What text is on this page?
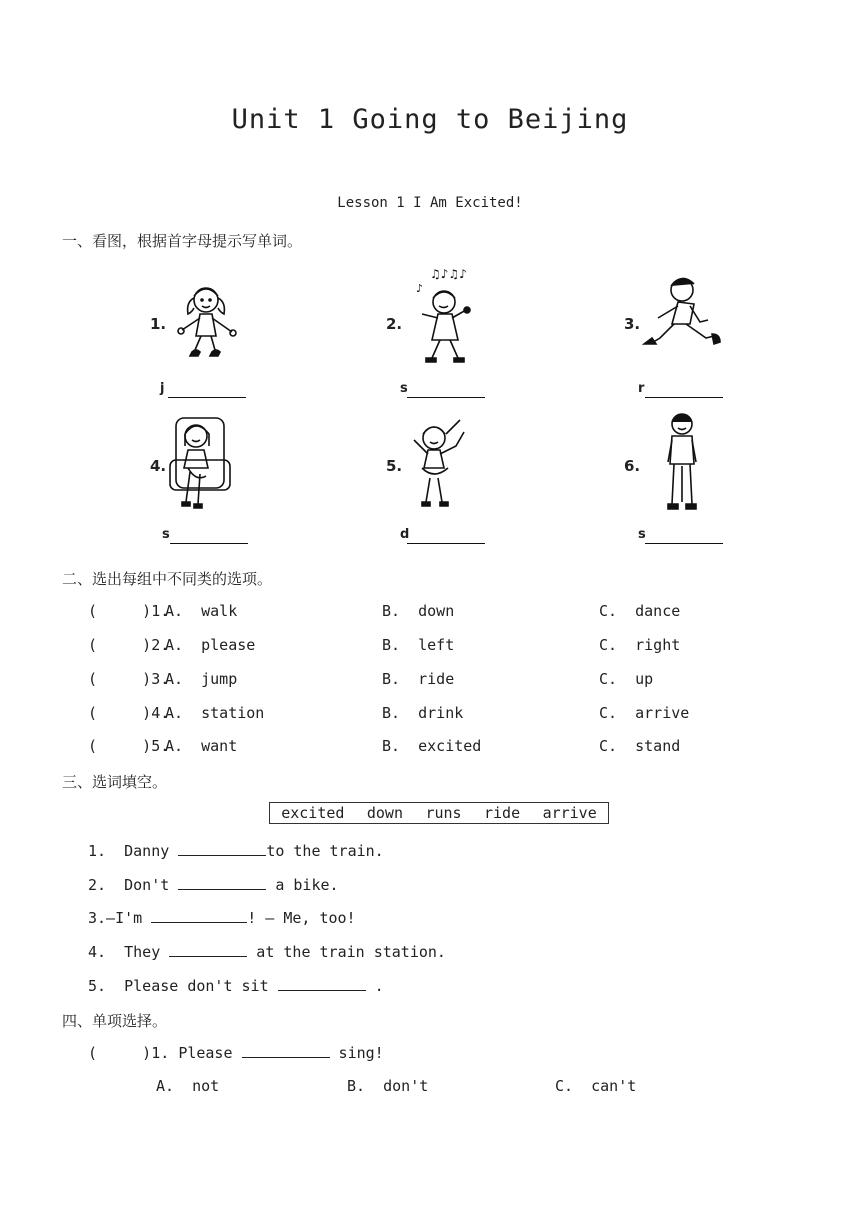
Unit 1 Going to Beijing
Lesson 1 I Am Excited!
一、看图，根据首字母提示写单词。
1.
j
2.
♫♪♫♪
♪
s
3.
r
4.
s
5.
d
6.
s
二、选出每组中不同类的选项。
(     )1.
A.  walk	B.  down	C.  dance
(     )2.
A.  please	B.  left	C.  right
(     )3.
A.  jump	B.  ride	C.  up
(     )4.
A.  station	B.  drink	C.  arrive
(     )5.
A.  want	B.  excited	C.  stand
三、选词填空。
excited down runs ride arrive
1.  Danny	to the train.
2.  Don't	a bike.
3.—I'm	! — Me, too!
4.  They	at the train station.
5.  Please don't sit	.
四、单项选择。
(     )1. Please	sing!
A.  not	B.  don't	C.  can't
